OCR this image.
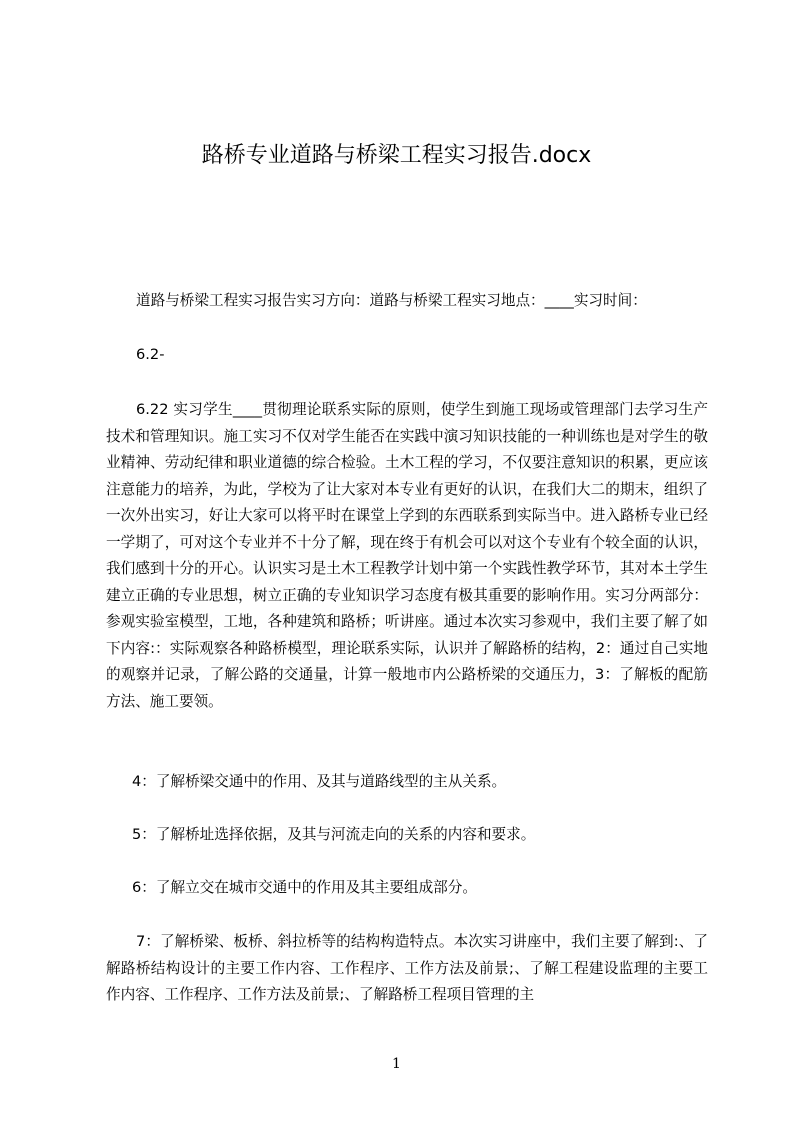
路桥专业道路与桥梁工程实习报告.docx

道路与桥梁工程实习报告实习方向：道路与桥梁工程实习地点：____实习时间：

6.2-

6.22 实习学生____贯彻理论联系实际的原则，使学生到施工现场或管理部门去学习生产技术和管理知识。施工实习不仅对学生能否在实践中演习知识技能的一种训练也是对学生的敬业精神、劳动纪律和职业道德的综合检验。土木工程的学习，不仅要注意知识的积累，更应该注意能力的培养，为此，学校为了让大家对本专业有更好的认识，在我们大二的期末，组织了一次外出实习，好让大家可以将平时在课堂上学到的东西联系到实际当中。进入路桥专业已经一学期了，可对这个专业并不十分了解，现在终于有机会可以对这个专业有个较全面的认识，我们感到十分的开心。认识实习是土木工程教学计划中第一个实践性教学环节，其对本土学生建立正确的专业思想，树立正确的专业知识学习态度有极其重要的影响作用。实习分两部分：参观实验室模型，工地，各种建筑和路桥；听讲座。通过本次实习参观中，我们主要了解了如下内容:：实际观察各种路桥模型，理论联系实际，认识并了解路桥的结构，2：通过自己实地的观察并记录，了解公路的交通量，计算一般地市内公路桥梁的交通压力，3：了解板的配筋方法、施工要领。

4：了解桥梁交通中的作用、及其与道路线型的主从关系。

5：了解桥址选择依据，及其与河流走向的关系的内容和要求。

6：了解立交在城市交通中的作用及其主要组成部分。

7：了解桥梁、板桥、斜拉桥等的结构构造特点。本次实习讲座中，我们主要了解到:、了解路桥结构设计的主要工作内容、工作程序、工作方法及前景;、了解工程建设监理的主要工作内容、工作程序、工作方法及前景;、了解路桥工程项目管理的主

1
